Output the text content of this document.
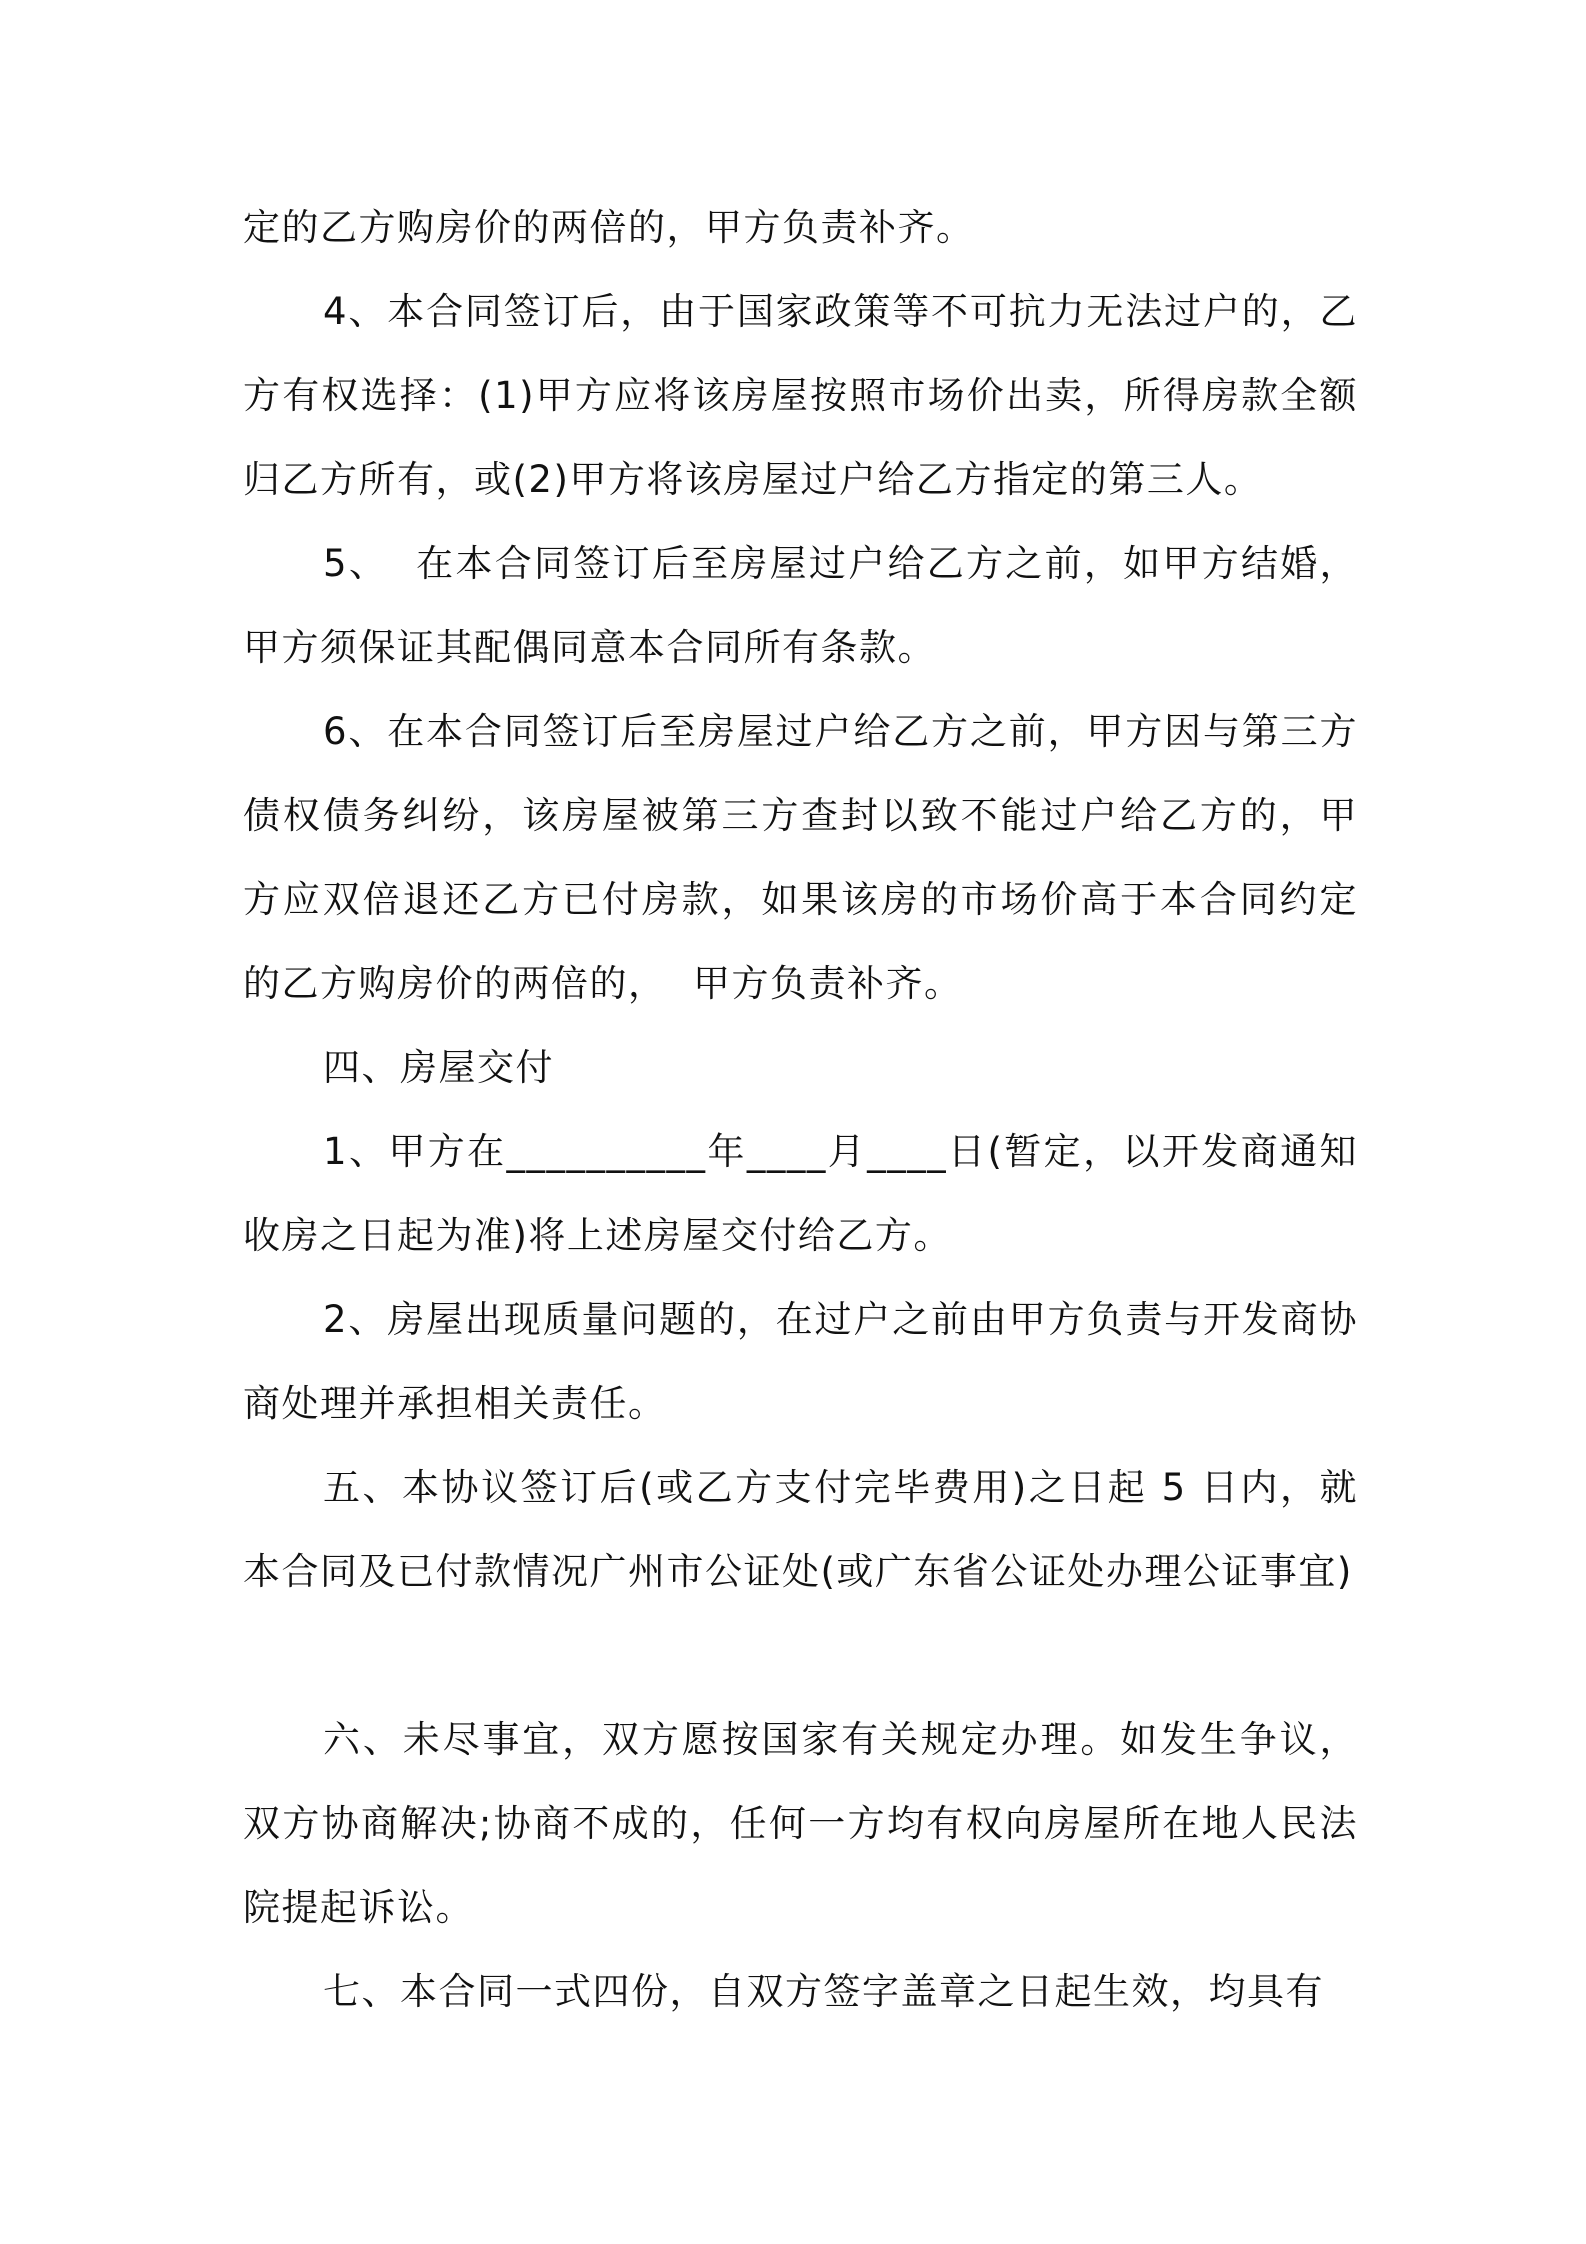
定的乙方购房价的两倍的，甲方负责补齐。

4、本合同签订后，由于国家政策等不可抗力无法过户的，乙方有权选择：(1)甲方应将该房屋按照市场价出卖，所得房款全额归乙方所有，或(2)甲方将该房屋过户给乙方指定的第三人。

5、  在本合同签订后至房屋过户给乙方之前，如甲方结婚，甲方须保证其配偶同意本合同所有条款。

6、在本合同签订后至房屋过户给乙方之前，甲方因与第三方债权债务纠纷，该房屋被第三方查封以致不能过户给乙方的，甲方应双倍退还乙方已付房款，如果该房的市场价高于本合同约定的乙方购房价的两倍的，  甲方负责补齐。

四、房屋交付

1、甲方在__________年____月____日(暂定，以开发商通知收房之日起为准)将上述房屋交付给乙方。

2、房屋出现质量问题的，在过户之前由甲方负责与开发商协商处理并承担相关责任。

五、本协议签订后(或乙方支付完毕费用)之日起 5 日内，就本合同及已付款情况广州市公证处(或广东省公证处办理公证事宜)

六、未尽事宜，双方愿按国家有关规定办理。如发生争议，双方协商解决;协商不成的，任何一方均有权向房屋所在地人民法院提起诉讼。

七、本合同一式四份，自双方签字盖章之日起生效，均具有
